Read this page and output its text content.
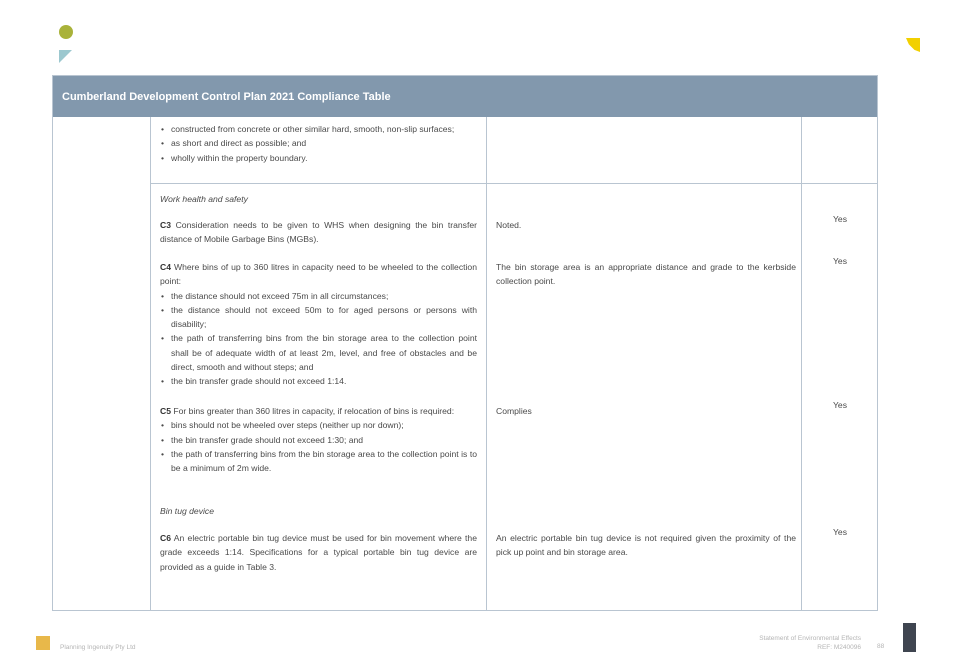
Cumberland Development Control Plan 2021 Compliance Table
• constructed from concrete or other similar hard, smooth, non-slip surfaces;
• as short and direct as possible; and
• wholly within the property boundary.
Work health and safety
C3 Consideration needs to be given to WHS when designing the bin transfer distance of Mobile Garbage Bins (MGBs).
Noted.
Yes
C4 Where bins of up to 360 litres in capacity need to be wheeled to the collection point:
• the distance should not exceed 75m in all circumstances;
• the distance should not exceed 50m to for aged persons or persons with disability;
• the path of transferring bins from the bin storage area to the collection point shall be of adequate width of at least 2m, level, and free of obstacles and be direct, smooth and without steps; and
• the bin transfer grade should not exceed 1:14.
The bin storage area is an appropriate distance and grade to the kerbside collection point.
Yes
C5 For bins greater than 360 litres in capacity, if relocation of bins is required:
• bins should not be wheeled over steps (neither up nor down);
• the bin transfer grade should not exceed 1:30; and
• the path of transferring bins from the bin storage area to the collection point is to be a minimum of 2m wide.
Complies
Yes
Bin tug device
C6 An electric portable bin tug device must be used for bin movement where the grade exceeds 1:14. Specifications for a typical portable bin tug device are provided as a guide in Table 3.
An electric portable bin tug device is not required given the proximity of the pick up point and bin storage area.
Yes
Planning Ingenuity Pty Ltd
Statement of Environmental Effects
REF: M240096 88
